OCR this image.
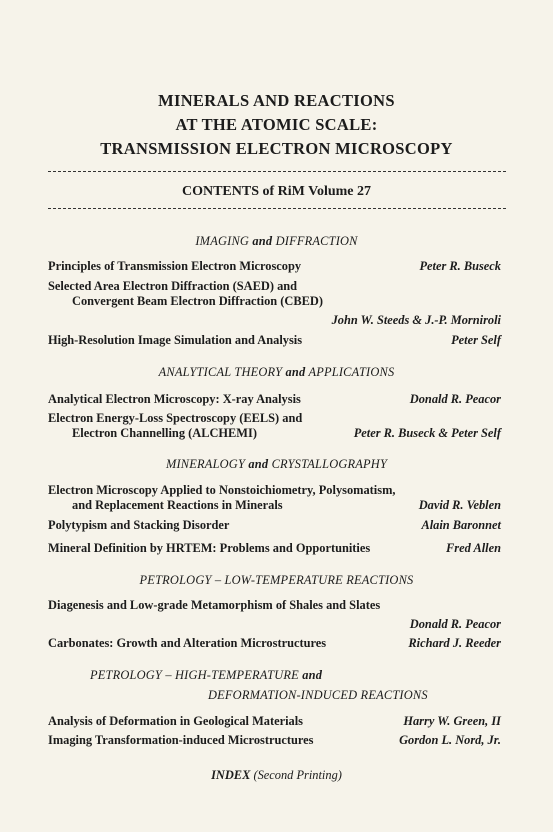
MINERALS AND REACTIONS
AT THE ATOMIC SCALE:
TRANSMISSION ELECTRON MICROSCOPY
CONTENTS of RiM Volume 27
IMAGING and DIFFRACTION
Principles of Transmission Electron Microscopy	Peter R. Buseck
Selected Area Electron Diffraction (SAED) and
Convergent Beam Electron Diffraction (CBED)
John W. Steeds & J.-P. Morniroli
High-Resolution Image Simulation and Analysis	Peter Self
ANALYTICAL THEORY and APPLICATIONS
Analytical Electron Microscopy: X-ray Analysis	Donald R. Peacor
Electron Energy-Loss Spectroscopy (EELS) and
Electron Channelling (ALCHEMI)	Peter R. Buseck & Peter Self
MINERALOGY and CRYSTALLOGRAPHY
Electron Microscopy Applied to Nonstoichiometry, Polysomatism,
and Replacement Reactions in Minerals	David R. Veblen
Polytypism and Stacking Disorder	Alain Baronnet
Mineral Definition by HRTEM: Problems and Opportunities	Fred Allen
PETROLOGY – LOW-TEMPERATURE REACTIONS
Diagenesis and Low-grade Metamorphism of Shales and Slates
Donald R. Peacor
Carbonates: Growth and Alteration Microstructures	Richard J. Reeder
PETROLOGY – HIGH-TEMPERATURE and
DEFORMATION-INDUCED REACTIONS
Analysis of Deformation in Geological Materials	Harry W. Green, II
Imaging Transformation-induced Microstructures	Gordon L. Nord, Jr.
INDEX (Second Printing)
